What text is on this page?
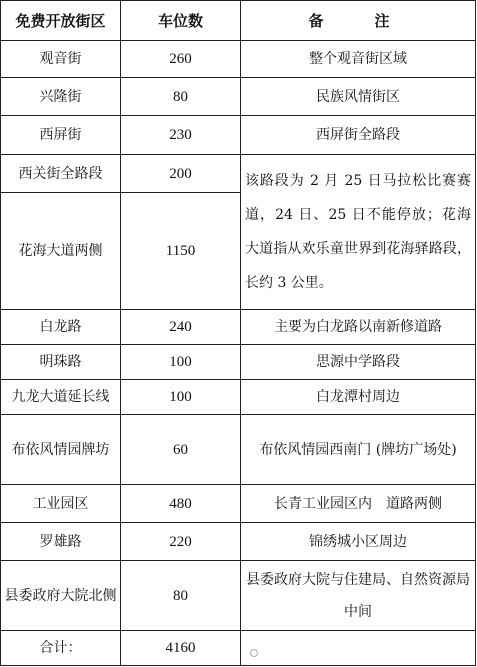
免费开放街区	车位数	备　注
观音街	260	整个观音街区域
兴隆街	80	民族风情街区
西屏街	230	西屏街全路段
西关街全路段	200	该路段为 2 月 25 日马拉松比赛赛道，24 日、25 日不能停放；花海大道指从欢乐童世界到花海驿路段，长约 3 公里。
花海大道两侧	1150	
白龙路	240	主要为白龙路以南新修道路
明珠路	100	思源中学路段
九龙大道延长线	100	白龙潭村周边
布依风情园牌坊	60	布依风情园西南门 (牌坊广场处)
工业园区	480	长青工业园区内　道路两侧
罗雄路	220	锦绣城小区周边
县委政府大院北侧	80	县委政府大院与住建局、自然资源局中间
合计：	4160	
